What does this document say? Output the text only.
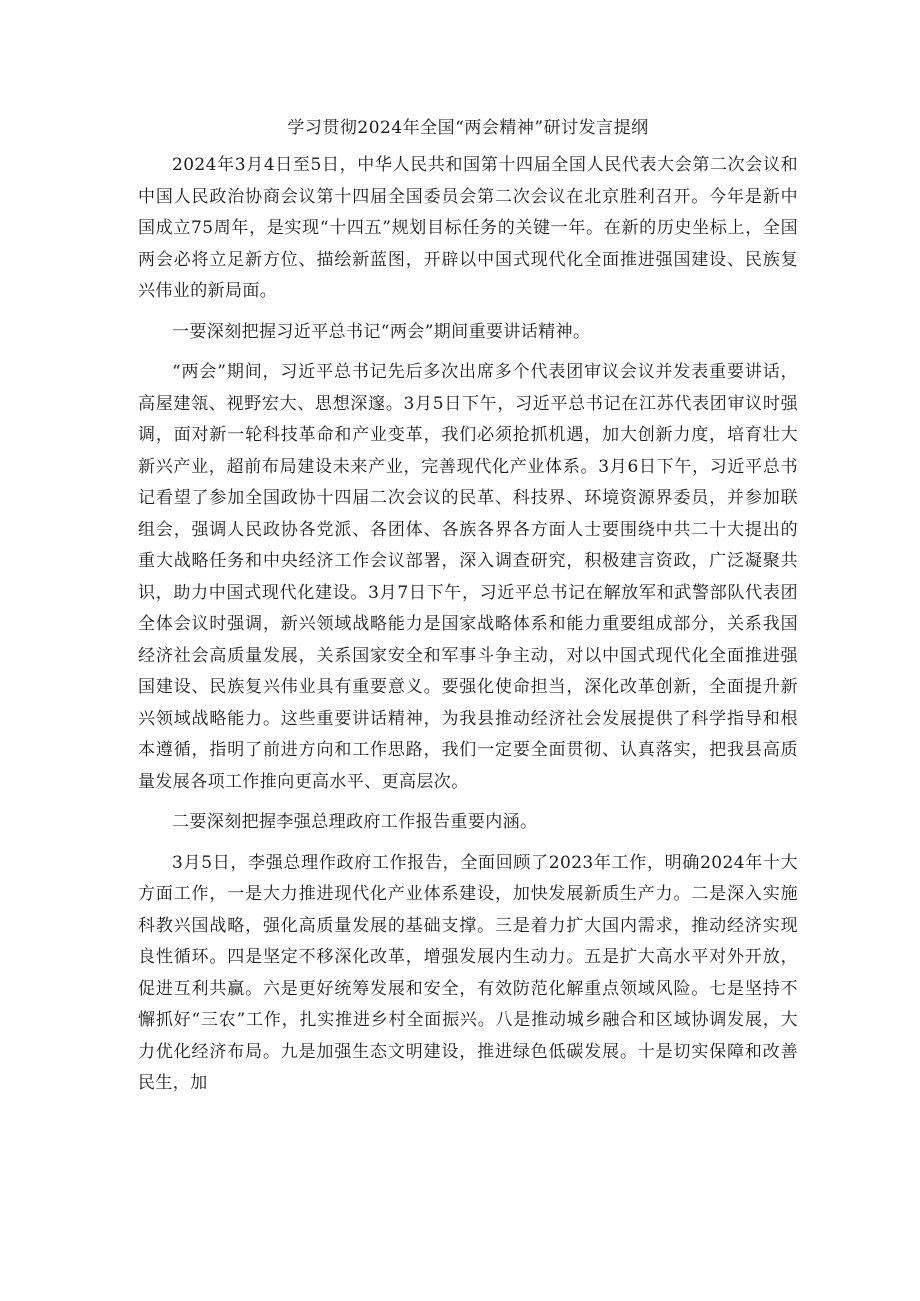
学习贯彻2024年全国“两会精神”研讨发言提纲

2024年3月4日至5日，中华人民共和国第十四届全国人民代表大会第二次会议和中国人民政治协商会议第十四届全国委员会第二次会议在北京胜利召开。今年是新中国成立75周年，是实现“十四五”规划目标任务的关键一年。在新的历史坐标上，全国两会必将立足新方位、描绘新蓝图，开辟以中国式现代化全面推进强国建设、民族复兴伟业的新局面。

一要深刻把握习近平总书记“两会”期间重要讲话精神。

“两会”期间，习近平总书记先后多次出席多个代表团审议会议并发表重要讲话，高屋建瓴、视野宏大、思想深邃。3月5日下午，习近平总书记在江苏代表团审议时强调，面对新一轮科技革命和产业变革，我们必须抢抓机遇，加大创新力度，培育壮大新兴产业，超前布局建设未来产业，完善现代化产业体系。3月6日下午，习近平总书记看望了参加全国政协十四届二次会议的民革、科技界、环境资源界委员，并参加联组会，强调人民政协各党派、各团体、各族各界各方面人士要围绕中共二十大提出的重大战略任务和中央经济工作会议部署，深入调查研究，积极建言资政，广泛凝聚共识，助力中国式现代化建设。3月7日下午，习近平总书记在解放军和武警部队代表团全体会议时强调，新兴领域战略能力是国家战略体系和能力重要组成部分，关系我国经济社会高质量发展，关系国家安全和军事斗争主动，对以中国式现代化全面推进强国建设、民族复兴伟业具有重要意义。要强化使命担当，深化改革创新，全面提升新兴领域战略能力。这些重要讲话精神，为我县推动经济社会发展提供了科学指导和根本遵循，指明了前进方向和工作思路，我们一定要全面贯彻、认真落实，把我县高质量发展各项工作推向更高水平、更高层次。

二要深刻把握李强总理政府工作报告重要内涵。

3月5日，李强总理作政府工作报告，全面回顾了2023年工作，明确2024年十大方面工作，一是大力推进现代化产业体系建设，加快发展新质生产力。二是深入实施科教兴国战略，强化高质量发展的基础支撑。三是着力扩大国内需求，推动经济实现良性循环。四是坚定不移深化改革，增强发展内生动力。五是扩大高水平对外开放，促进互利共赢。六是更好统筹发展和安全，有效防范化解重点领域风险。七是坚持不懈抓好“三农”工作，扎实推进乡村全面振兴。八是推动城乡融合和区域协调发展，大力优化经济布局。九是加强生态文明建设，推进绿色低碳发展。十是切实保障和改善民生，加
